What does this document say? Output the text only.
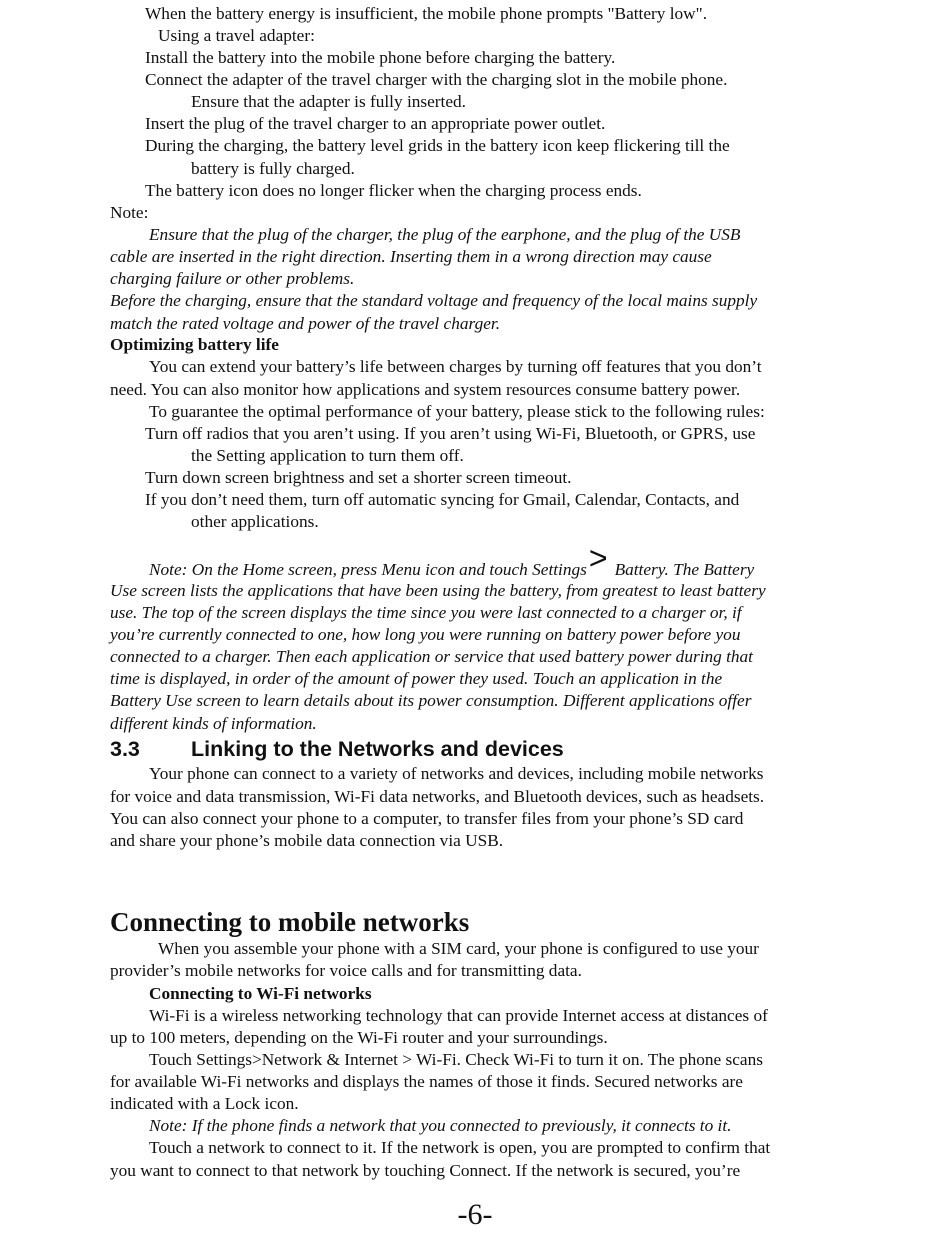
When the battery energy is insufficient, the mobile phone prompts "Battery low".

Using a travel adapter:

Install the battery into the mobile phone before charging the battery.

Connect the adapter of the travel charger with the charging slot in the mobile phone.

Ensure that the adapter is fully inserted.

Insert the plug of the travel charger to an appropriate power outlet.

During the charging, the battery level grids in the battery icon keep flickering till the

battery is fully charged.

The battery icon does no longer flicker when the charging process ends.

Note:

Ensure that the plug of the charger, the plug of the earphone, and the plug of the USB

cable are inserted in the right direction. Inserting them in a wrong direction may cause

charging failure or other problems.

Before the charging, ensure that the standard voltage and frequency of the local mains supply

match the rated voltage and power of the travel charger.

Optimizing battery life

You can extend your battery’s life between charges by turning off features that you don’t

need. You can also monitor how applications and system resources consume battery power.

To guarantee the optimal performance of your battery, please stick to the following rules:

Turn off radios that you aren’t using. If you aren’t using Wi-Fi, Bluetooth, or GPRS, use

the Setting application to turn them off.

Turn down screen brightness and set a shorter screen timeout.

If you don’t need them, turn off automatic syncing for Gmail, Calendar, Contacts, and

other applications.

Note: On the Home screen, press Menu icon and touch Settings> Battery. The Battery

Use screen lists the applications that have been using the battery, from greatest to least battery

use. The top of the screen displays the time since you were last connected to a charger or, if

you’re currently connected to one, how long you were running on battery power before you

connected to a charger. Then each application or service that used battery power during that

time is displayed, in order of the amount of power they used. Touch an application in the

Battery Use screen to learn details about its power consumption. Different applications offer

different kinds of information.

3.3 Linking to the Networks and devices

Your phone can connect to a variety of networks and devices, including mobile networks

for voice and data transmission, Wi-Fi data networks, and Bluetooth devices, such as headsets.

You can also connect your phone to a computer, to transfer files from your phone’s SD card

and share your phone’s mobile data connection via USB.

Connecting to mobile networks

When you assemble your phone with a SIM card, your phone is configured to use your

provider’s mobile networks for voice calls and for transmitting data.

Connecting to Wi-Fi networks

Wi-Fi is a wireless networking technology that can provide Internet access at distances of

up to 100 meters, depending on the Wi-Fi router and your surroundings.

Touch Settings>Network & Internet > Wi-Fi. Check Wi-Fi to turn it on. The phone scans

for available Wi-Fi networks and displays the names of those it finds. Secured networks are

indicated with a Lock icon.

Note: If the phone finds a network that you connected to previously, it connects to it.

Touch a network to connect to it. If the network is open, you are prompted to confirm that

you want to connect to that network by touching Connect. If the network is secured, you’re

-6-
